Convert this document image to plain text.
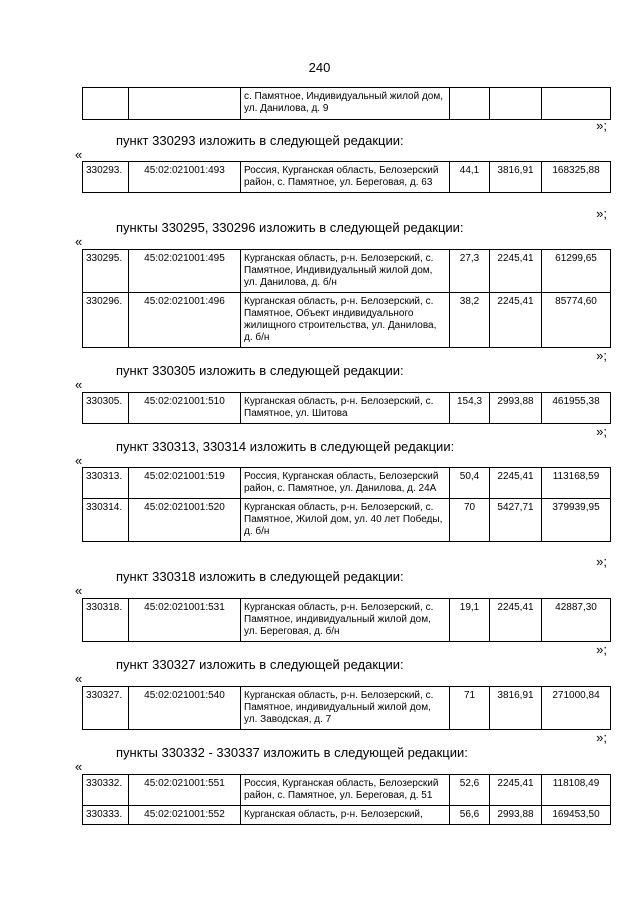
240
		с. Памятное, Индивидуальный жилой дом, ул. Данилова, д. 9			
»;
пункт 330293 изложить в следующей редакции:
«
330293.	45:02:021001:493	Россия, Курганская область, Белозерский район, с. Памятное, ул. Береговая, д. 63	44,1	3816,91	168325,88
»;
пункты 330295, 330296 изложить в следующей редакции:
«
330295.	45:02:021001:495	Курганская область, р-н. Белозерский, с. Памятное, Индивидуальный жилой дом, ул. Данилова, д. б/н	27,3	2245,41	61299,65
330296.	45:02:021001:496	Курганская область, р-н. Белозерский, с. Памятное, Объект индивидуального жилищного строительства, ул. Данилова, д. б/н	38,2	2245,41	85774,60
»;
пункт 330305 изложить в следующей редакции:
«
330305.	45:02:021001:510	Курганская область, р-н. Белозерский, с. Памятное, ул. Шитова	154,3	2993,88	461955,38
»;
пункт 330313, 330314 изложить в следующей редакции:
«
330313.	45:02:021001:519	Россия, Курганская область, Белозерский район, с. Памятное, ул. Данилова, д. 24А	50,4	2245,41	113168,59
330314.	45:02:021001:520	Курганская область, р-н. Белозерский, с. Памятное, Жилой дом, ул. 40 лет Победы, д. б/н	70	5427,71	379939,95
»;
пункт 330318 изложить в следующей редакции:
«
330318.	45:02:021001:531	Курганская область, р-н. Белозерский, с. Памятное, индивидуальный жилой дом, ул. Береговая, д. б/н	19,1	2245,41	42887,30
»;
пункт 330327 изложить в следующей редакции:
«
330327.	45:02:021001:540	Курганская область, р-н. Белозерский, с. Памятное, индивидуальный жилой дом, ул. Заводская, д. 7	71	3816,91	271000,84
»;
пункты 330332 - 330337 изложить в следующей редакции:
«
330332.	45:02:021001:551	Россия, Курганская область, Белозерский район, с. Памятное, ул. Береговая, д. 51	52,6	2245,41	118108,49
330333.	45:02:021001:552	Курганская область, р-н. Белозерский,	56,6	2993,88	169453,50
